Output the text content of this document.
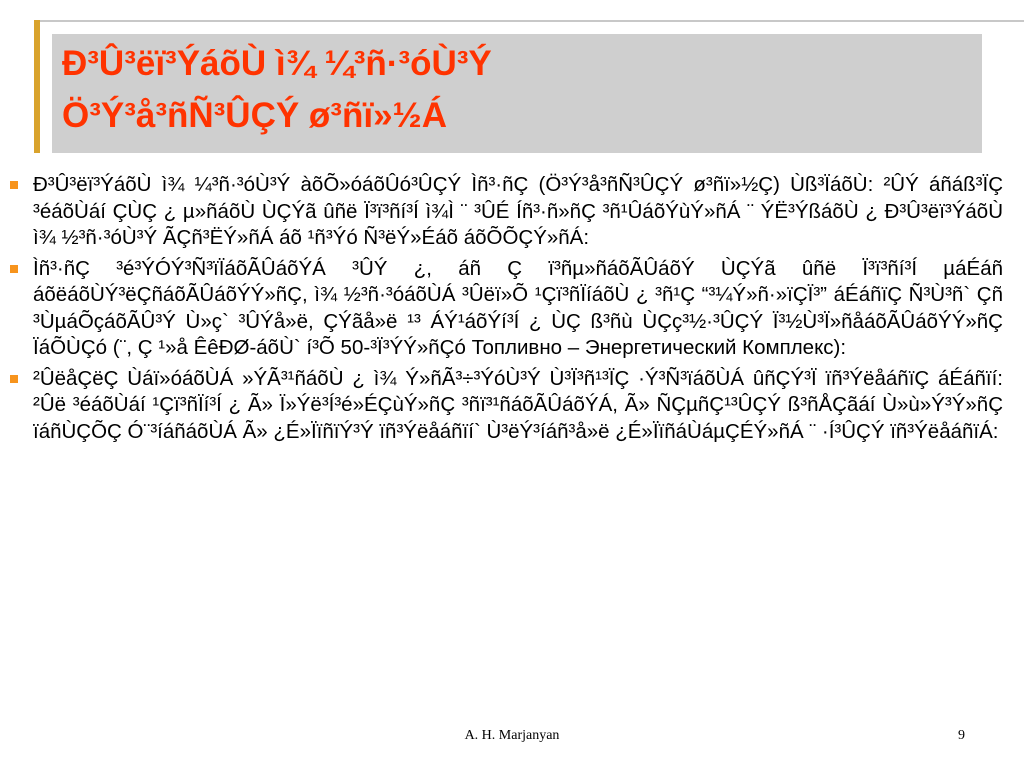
Ð³Û³ëï³ÝáõÙ ì¾ ¼³ñ·³óÙ³Ý
Ö³Ý³å³ñÑ³ÛÇÝ ø³ñï»½Á

Ð³Û³ëï³ÝáõÙ ì¾ ¼³ñ·³óÙ³Ý àõÕ»óáõÛó³ÛÇÝ Ìñ³·ñÇ (Ö³Ý³å³ñÑ³ÛÇÝ ø³ñï»½Ç) Ùß³ÏáõÙ: ²ÛÝ áñáß³ÏÇ ³éáõÙáí ÇÙÇ ¿ µ»ñáõÙ ÙÇÝã ûñë Ï³ï³ñí³Í ì¾Ì ¨ ³ÛÉ Íñ³·ñ»ñÇ ³ñ¹ÛáõÝùÝ»ñÁ ¨ ÝË³ÝßáõÙ ¿ Ð³Û³ëï³ÝáõÙ ì¾ ½³ñ·³óÙ³Ý ÃÇñ³ËÝ»ñÁ áõ ¹ñ³Ýó Ñ³ëÝ»Éáõ áõÕÕÇÝ»ñÁ:

Ìñ³·ñÇ ³é³ÝÓÝ³Ñ³ïÏáõÃÛáõÝÁ ³ÛÝ ¿, áñ Ç ï³ñµ»ñáõÃÛáõÝ ÙÇÝã ûñë Ï³ï³ñí³Í µáÉáñ áõëáõÙÝ³ëÇñáõÃÛáõÝÝ»ñÇ, ì¾ ½³ñ·³óáõÙÁ ³Ûëï»Õ ¹Çï³ñÏíáõÙ ¿ ³ñ¹Ç “³¼Ý»ñ·»ïÇÏ³” áÉáñïÇ Ñ³Ù³ñ` Çñ ³ÙµáÕçáõÃÛ³Ý Ù»ç` ³ÛÝå»ë, ÇÝãå»ë ¹³ ÁÝ¹áõÝí³Í ¿ ÙÇ ß³ñù ÙÇç³½·³ÛÇÝ Ï³½Ù³Ï»ñåáõÃÛáõÝÝ»ñÇ ÏáÕÙÇó (¨, Ç ¹»å ÊêÐØ-áõÙ` í³Õ 50-³Ï³ÝÝ»ñÇó Топливно – Энергетический Комплекс):

²ÛëåÇëÇ Ùáï»óáõÙÁ »ÝÃ³¹ñáõÙ ¿ ì¾ Ý»ñÃ³÷³ÝóÙ³Ý Ù³Ï³ñ¹³ÏÇ ·Ý³Ñ³ïáõÙÁ ûñÇÝ³Ï ïñ³ÝëåáñïÇ áÉáñïí: ²Ûë ³éáõÙáí ¹Çï³ñÏí³Í ¿ Ã» Ï»Ýë³Í³é»ÉÇùÝ»ñÇ ³ñï³¹ñáõÃÛáõÝÁ, Ã» ÑÇµñÇ¹³ÛÇÝ ß³ñÅÇãáí Ù»ù»Ý³Ý»ñÇ ïáñÙÇÕÇ Ó¨³íáñáõÙÁ Ã» ¿É»ÏïñïÝ³Ý ïñ³Ýëåáñïí` Ù³ëÝ³íáñ³å»ë ¿É»ÏïñáÙáµÇÉÝ»ñÁ ¨ ·Í³ÛÇÝ ïñ³ÝëåáñïÁ:

A. H. Marjanyan	9
